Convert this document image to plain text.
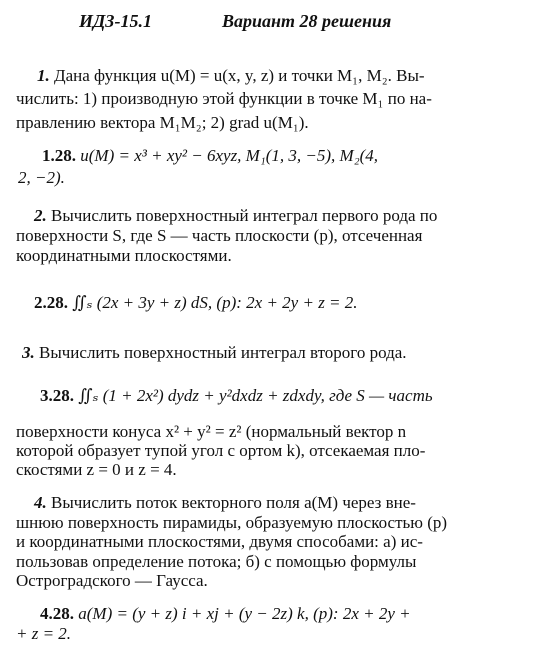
ИДЗ-15.1	Вариант 28 решения
1. Дана функция u(M) = u(x, y, z) и точки M₁, M₂. Вы-
числить: 1) производную этой функции в точке M₁ по на-
правлению вектора M₁M₂; 2) grad u(M₁).
1.28. u(M) = x³ + xy² − 6xyz, M₁(1, 3, −5), M₂(4,
2, −2).
2. Вычислить поверхностный интеграл первого рода по
поверхности S, где S — часть плоскости (p), отсеченная
координатными плоскостями.
2.28. ∬ₛ (2x + 3y + z) dS, (p): 2x + 2y + z = 2.
3. Вычислить поверхностный интеграл второго рода.
3.28. ∬ₛ (1 + 2x²) dydz + y²dxdz + zdxdy, где S — часть
поверхности конуса x² + y² = z² (нормальный вектор n
которой образует тупой угол с ортом k), отсекаемая пло-
скостями z = 0 и z = 4.
4. Вычислить поток векторного поля a(M) через вне-
шнюю поверхность пирамиды, образуемую плоскостью (p)
и координатными плоскостями, двумя способами: а) ис-
пользовав определение потока; б) с помощью формулы
Остроградского — Гаусса.
4.28. a(M) = (y + z) i + xj + (y − 2z) k, (p): 2x + 2y +
+ z = 2.
